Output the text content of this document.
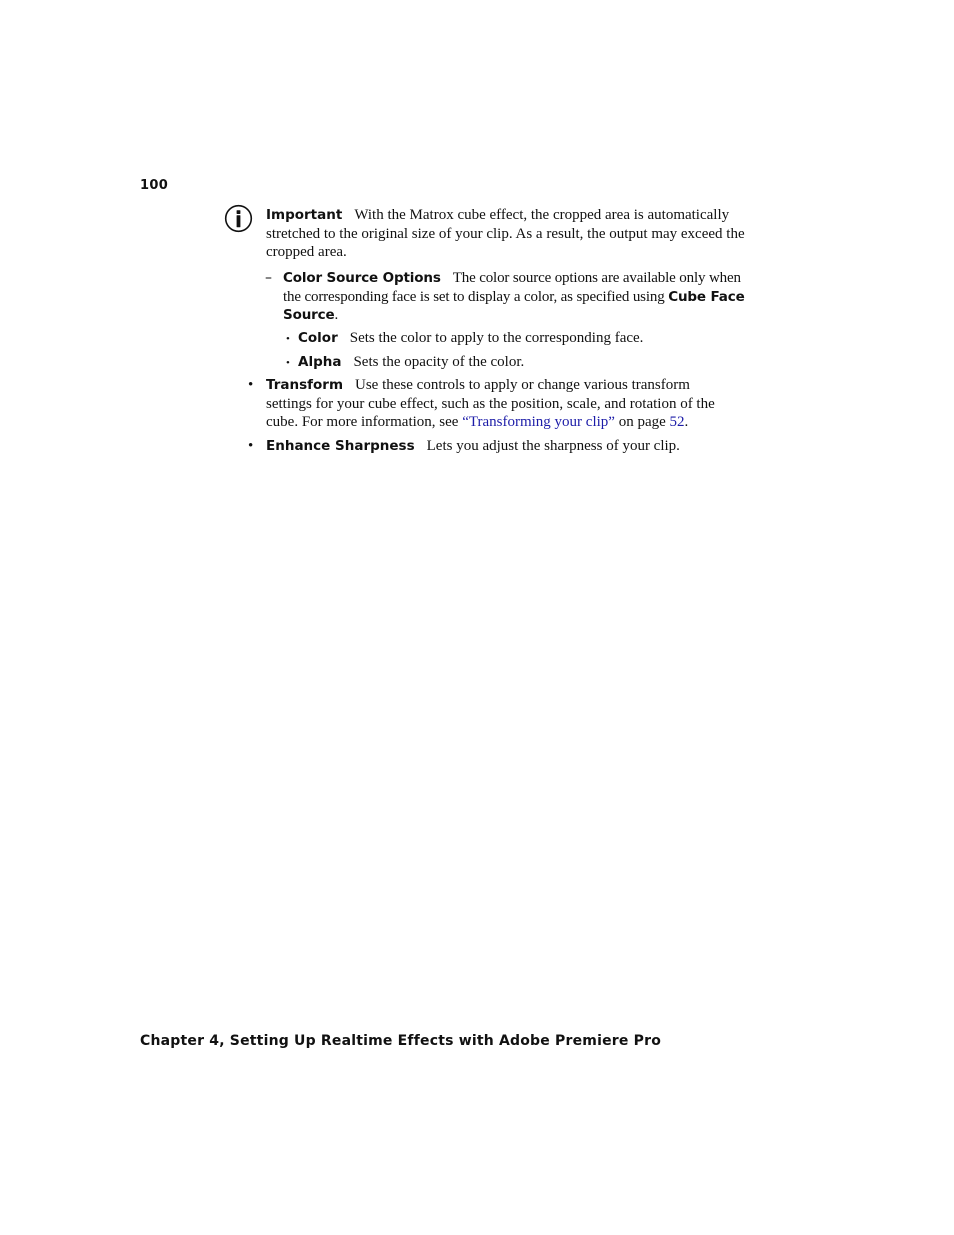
100
Important With the Matrox cube effect, the cropped area is automatically stretched to the original size of your clip. As a result, the output may exceed the cropped area.
– Color Source Options The color source options are available only when the corresponding face is set to display a color, as specified using Cube Face Source.
• Color Sets the color to apply to the corresponding face.
• Alpha Sets the opacity of the color.
• Transform Use these controls to apply or change various transform settings for your cube effect, such as the position, scale, and rotation of the cube. For more information, see “Transforming your clip” on page 52.
• Enhance Sharpness Lets you adjust the sharpness of your clip.
Chapter 4, Setting Up Realtime Effects with Adobe Premiere Pro
